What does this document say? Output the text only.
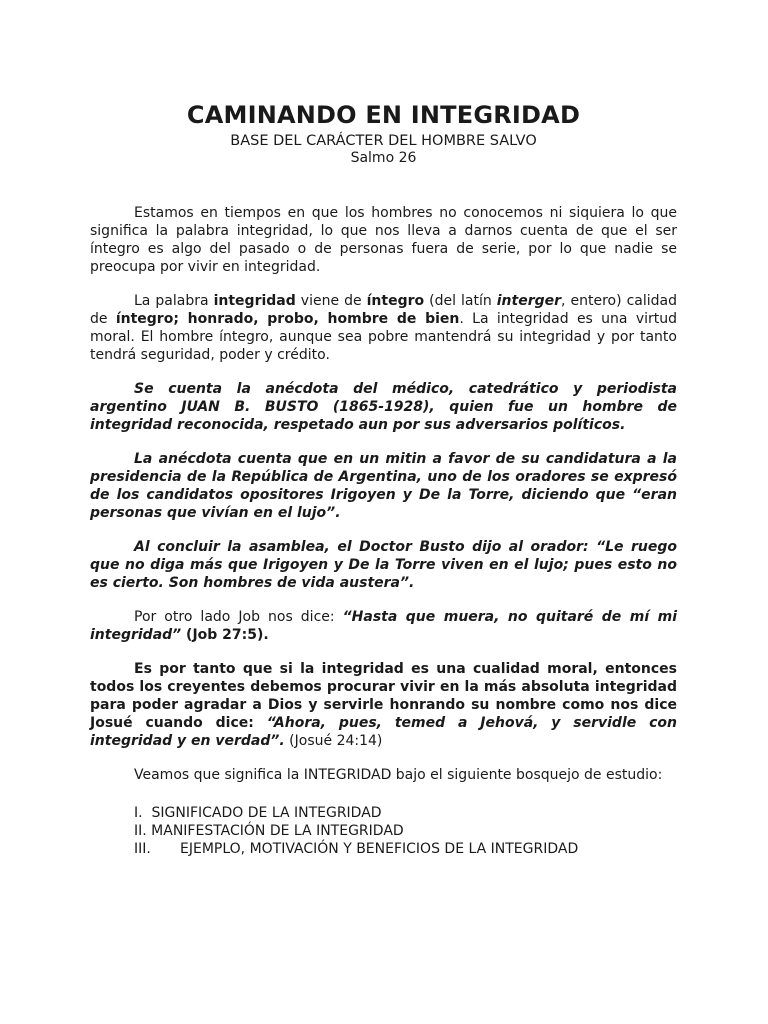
CAMINANDO EN INTEGRIDAD
BASE DEL CARÁCTER DEL HOMBRE SALVO
Salmo 26

Estamos en tiempos en que los hombres no conocemos ni siquiera lo que significa la palabra integridad, lo que nos lleva a darnos cuenta de que el ser íntegro es algo del pasado o de personas fuera de serie, por lo que nadie se preocupa por vivir en integridad.

La palabra integridad viene de íntegro (del latín interger, entero) calidad de íntegro; honrado, probo, hombre de bien. La integridad es una virtud moral. El hombre íntegro, aunque sea pobre mantendrá su integridad y por tanto tendrá seguridad, poder y crédito.

Se cuenta la anécdota del médico, catedrático y periodista argentino JUAN B. BUSTO (1865-1928), quien fue un hombre de integridad reconocida, respetado aun por sus adversarios políticos.

La anécdota cuenta que en un mitin a favor de su candidatura a la presidencia de la República de Argentina, uno de los oradores se expresó de los candidatos opositores Irigoyen y De la Torre, diciendo que “eran personas que vivían en el lujo”.

Al concluir la asamblea, el Doctor Busto dijo al orador: “Le ruego que no diga más que Irigoyen y De la Torre viven en el lujo; pues esto no es cierto. Son hombres de vida austera”.

Por otro lado Job nos dice: “Hasta que muera, no quitaré de mí mi integridad” (Job 27:5).

Es por tanto que si la integridad es una cualidad moral, entonces todos los creyentes debemos procurar vivir en la más absoluta integridad para poder agradar a Dios y servirle honrando su nombre como nos dice Josué cuando dice: “Ahora, pues, temed a Jehová, y servidle con integridad y en verdad”. (Josué 24:14)

Veamos que significa la INTEGRIDAD bajo el siguiente bosquejo de estudio:

I. SIGNIFICADO DE LA INTEGRIDAD
II. MANIFESTACIÓN DE LA INTEGRIDAD
III. EJEMPLO, MOTIVACIÓN Y BENEFICIOS DE LA INTEGRIDAD
